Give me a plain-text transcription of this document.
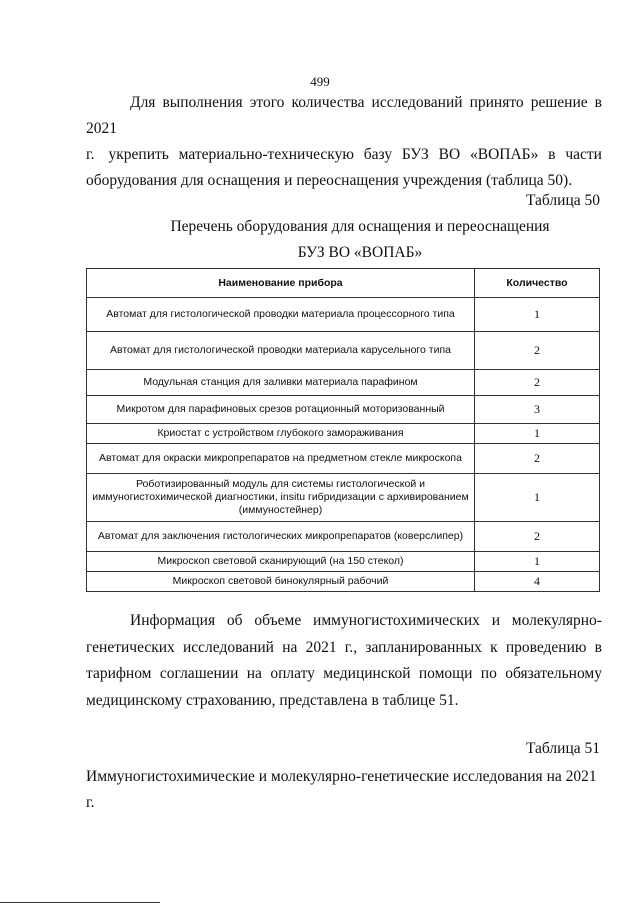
499
Для выполнения этого количества исследований принято решение в 2021
г. укрепить материально-техническую базу БУЗ ВО «ВОПАБ» в части
оборудования для оснащения и переоснащения учреждения (таблица 50).
Таблица 50
Перечень оборудования для оснащения и переоснащения
БУЗ ВО «ВОПАБ»
Наименование прибора	Количество
Автомат для гистологической проводки материала процессорного типа	1
Автомат для гистологической проводки материала карусельного типа	2
Модульная станция для заливки материала парафином	2
Микротом для парафиновых срезов ротационный моторизованный	3
Криостат с устройством глубокого замораживания	1
Автомат для окраски микропрепаратов на предметном стекле микроскопа	2
Роботизированный модуль для системы гистологической и иммуногистохимической диагностики, insitu гибридизации с архивированием (иммуностейнер)	1
Автомат для заключения гистологических микропрепаратов (коверслипер)	2
Микроскоп световой сканирующий (на 150 стекол)	1
Микроскоп световой бинокулярный рабочий	4
Информация об объеме иммуногистохимических и молекулярно-
генетических исследований на 2021 г., запланированных к проведению в
тарифном соглашении на оплату медицинской помощи по обязательному
медицинскому страхованию, представлена в таблице 51.
Таблица 51
Иммуногистохимические и молекулярно-генетические исследования на 2021 г.
